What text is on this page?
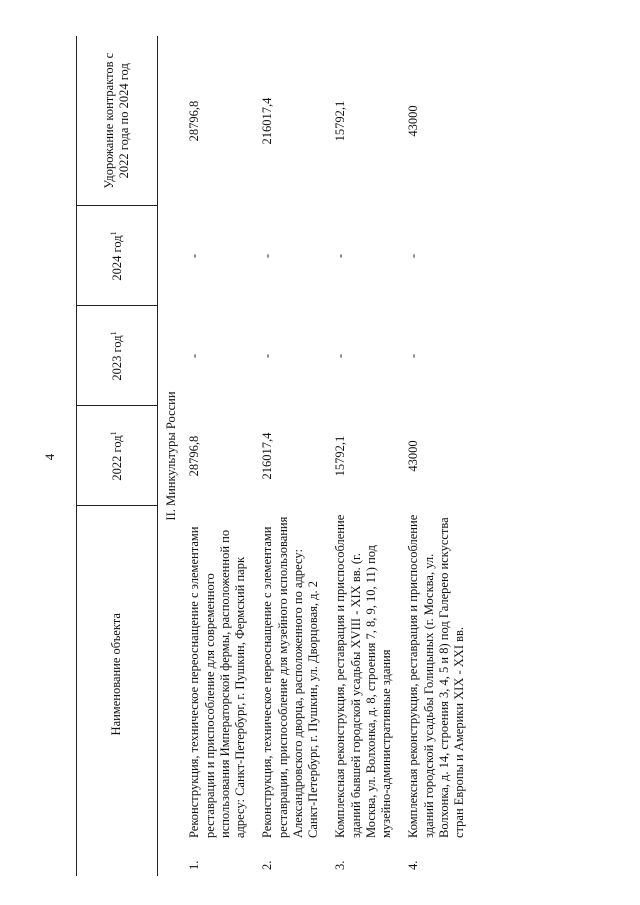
4
	Наименование объекта	2022 год$^1$	2023 год$^1$	2024 год$^1$	Удорожание контрактов с 2022 года по 2024 год
II. Минкультуры России					
1.	Реконструкция, техническое переоснащение с элементами реставрации и приспособление для современного использования Императорской фермы, расположенной по адресу: Санкт-Петербург, г. Пушкин, Фермский парк	28796,8	-	-	28796,8
2.	Реконструкция, техническое переоснащение с элементами реставрации, приспособление для музейного использования Александровского дворца, расположенного по адресу: Санкт-Петербург, г. Пушкин, ул. Дворцовая, д. 2	216017,4	-	-	216017,4
3.	Комплексная реконструкция, реставрация и приспособление зданий бывшей городской усадьбы XVIII - XIX вв. (г. Москва, ул. Волхонка, д. 8, строения 7, 8, 9, 10, 11) под музейно-административные здания	15792,1	-	-	15792,1
4.	Комплексная реконструкция, реставрация и приспособление зданий городской усадьбы Голицыных (г. Москва, ул. Волхонка, д. 14, строения 3, 4, 5 и 8) под Галерею искусства стран Европы и Америки XIX - XXI вв.	43000	-	-	43000
